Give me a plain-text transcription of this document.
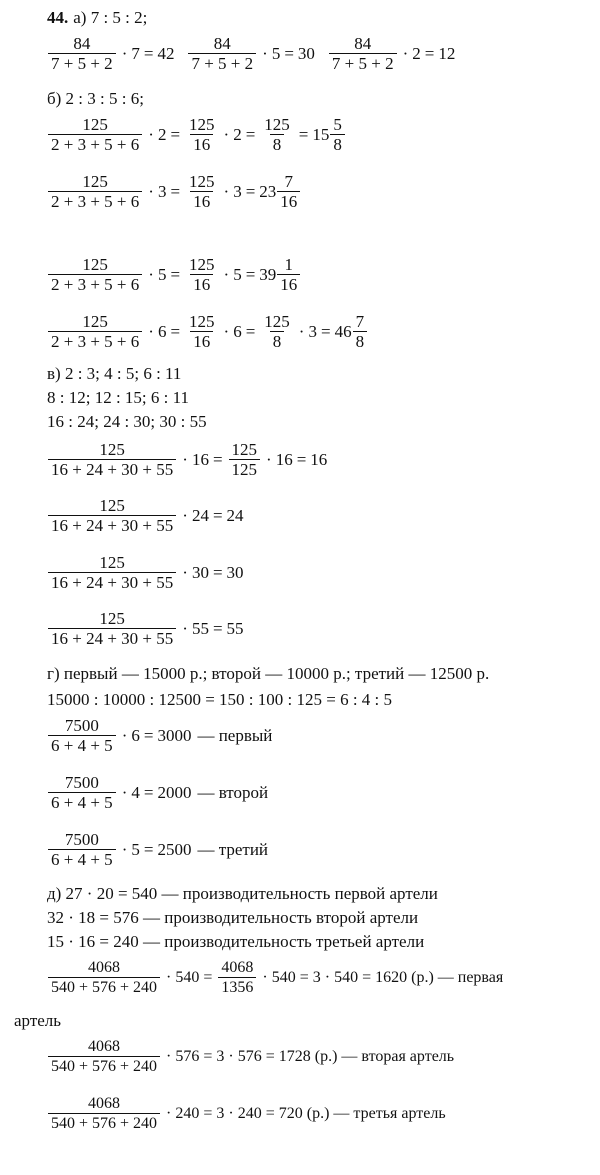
44. а) 7 : 5 : 2;
$\frac{84}{7 + 5 + 2} \cdot 7 = 42 \frac{84}{7 + 5 + 2} \cdot 5 = 30 \frac{84}{7 + 5 + 2} \cdot 2 = 12$
б) 2 : 3 : 5 : 6;
$\frac{125}{2 + 3 + 5 + 6} \cdot 2 = \frac{125}{16} \cdot 2 = \frac{125}{8} = 15 \frac{5}{8}$
$\frac{125}{2 + 3 + 5 + 6} \cdot 3 = \frac{125}{16} \cdot 3 = 23 \frac{7}{16}$
$\frac{125}{2 + 3 + 5 + 6} \cdot 5 = \frac{125}{16} \cdot 5 = 39 \frac{1}{16}$
$\frac{125}{2 + 3 + 5 + 6} \cdot 6 = \frac{125}{16} \cdot 6 = \frac{125}{8} \cdot 3 = 46 \frac{7}{8}$
в) 2 : 3; 4 : 5; 6 : 11
8 : 12; 12 : 15; 6 : 11
16 : 24; 24 : 30; 30 : 55
$\frac{125}{16 + 24 + 30 + 55} \cdot 16 = \frac{125}{125} \cdot 16 = 16$
$\frac{125}{16 + 24 + 30 + 55} \cdot 24 = 24$
$\frac{125}{16 + 24 + 30 + 55} \cdot 30 = 30$
$\frac{125}{16 + 24 + 30 + 55} \cdot 55 = 55$
г) первый — 15000 р.; второй — 10000 р.; третий — 12500 р.
15000 : 10000 : 12500 = 150 : 100 : 125 = 6 : 4 : 5
$\frac{7500}{6 + 4 + 5} \cdot 6 = 3000$ — первый
$\frac{7500}{6 + 4 + 5} \cdot 4 = 2000$ — второй
$\frac{7500}{6 + 4 + 5} \cdot 5 = 2500$ — третий
д) 27 · 20 = 540 — производительность первой артели
32 · 18 = 576 — производительность второй артели
15 · 16 = 240 — производительность третьей артели
$\frac{4068}{540 + 576 + 240} \cdot 540 = \frac{4068}{1356} \cdot 540 = 3 \cdot 540 = 1620$ (р.) — первая
артель
$\frac{4068}{540 + 576 + 240} \cdot 576 = 3 \cdot 576 = 1728$ (р.) — вторая артель
$\frac{4068}{540 + 576 + 240} \cdot 240 = 3 \cdot 240 = 720$ (р.) — третья артель
